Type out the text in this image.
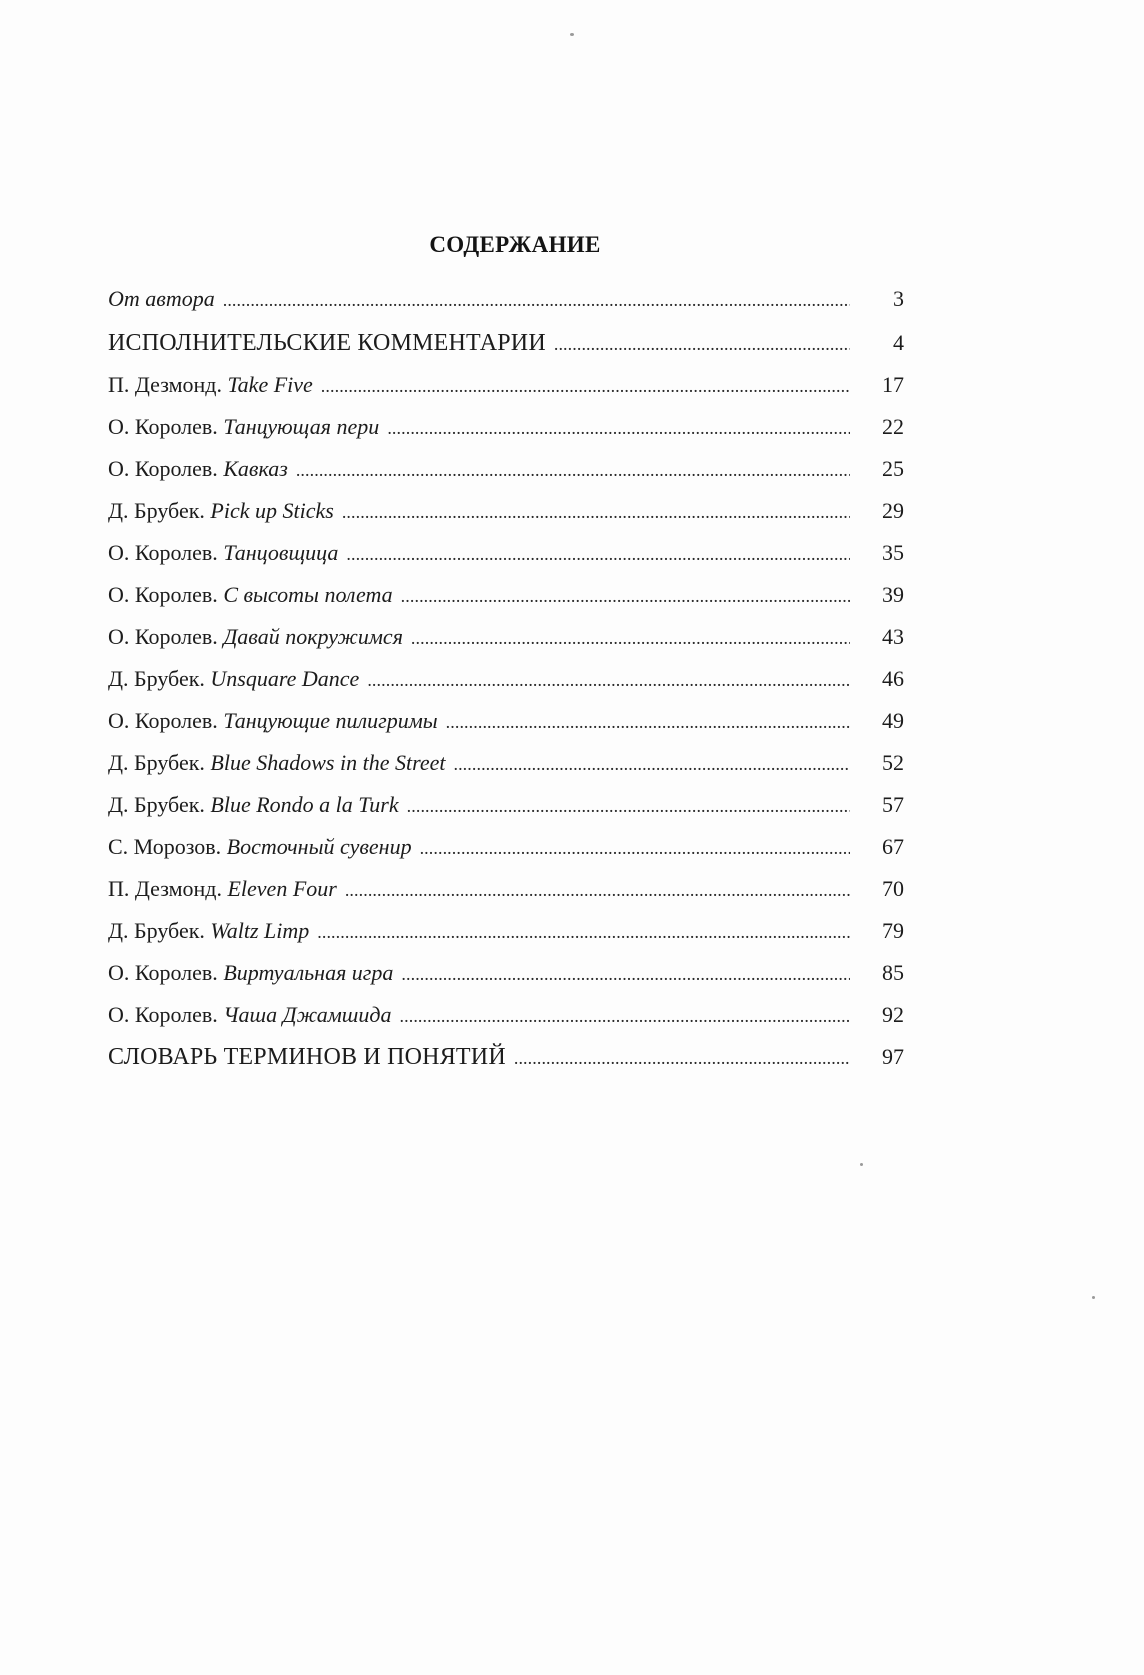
СОДЕРЖАНИЕ
От автора . . .	3
ИСПОЛНИТЕЛЬСКИЕ КОММЕНТАРИИ . . .	4
П. Дезмонд. Take Five . . .	17
О. Королев. Танцующая пери . . .	22
О. Королев. Кавказ . . .	25
Д. Брубек. Pick up Sticks . . .	29
О. Королев. Танцовщица . . .	35
О. Королев. С высоты полета . . .	39
О. Королев. Давай покружимся . . .	43
Д. Брубек. Unsquare Dance . . .	46
О. Королев. Танцующие пилигримы . . .	49
Д. Брубек. Blue Shadows in the Street . . .	52
Д. Брубек. Blue Rondo a la Turk . . .	57
С. Морозов. Восточный сувенир . . .	67
П. Дезмонд. Eleven Four . . .	70
Д. Брубек. Waltz Limp . . .	79
О. Королев. Виртуальная игра . . .	85
О. Королев. Чаша Джамшида . . .	92
СЛОВАРЬ ТЕРМИНОВ И ПОНЯТИЙ . . .	97
